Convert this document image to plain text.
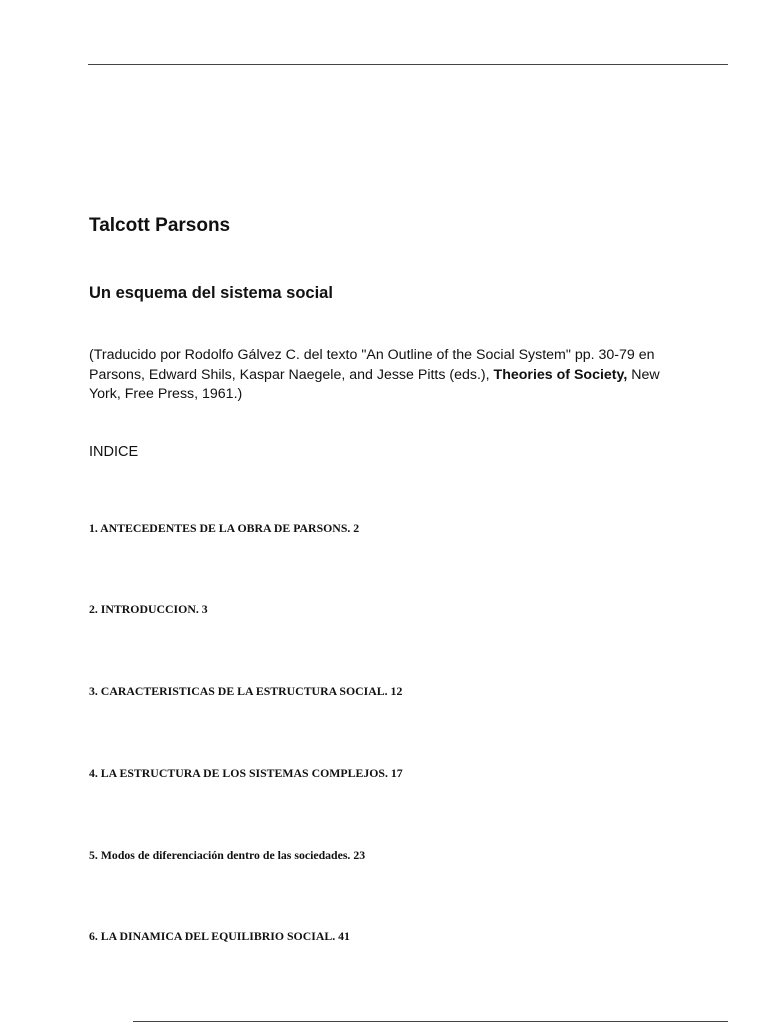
Talcott Parsons
Un esquema del sistema social

(Traducido por Rodolfo Gálvez C. del texto "An Outline of the Social System" pp. 30-79 en Parsons, Edward Shils, Kaspar Naegele, and Jesse Pitts (eds.), Theories of Society, New York, Free Press, 1961.)

INDICE

1. ANTECEDENTES DE LA OBRA DE PARSONS. 2

2. INTRODUCCION. 3

3. CARACTERISTICAS DE LA ESTRUCTURA SOCIAL. 12

4. LA ESTRUCTURA DE LOS SISTEMAS COMPLEJOS. 17

5. Modos de diferenciación dentro de las sociedades. 23

6. LA DINAMICA DEL EQUILIBRIO SOCIAL. 41
